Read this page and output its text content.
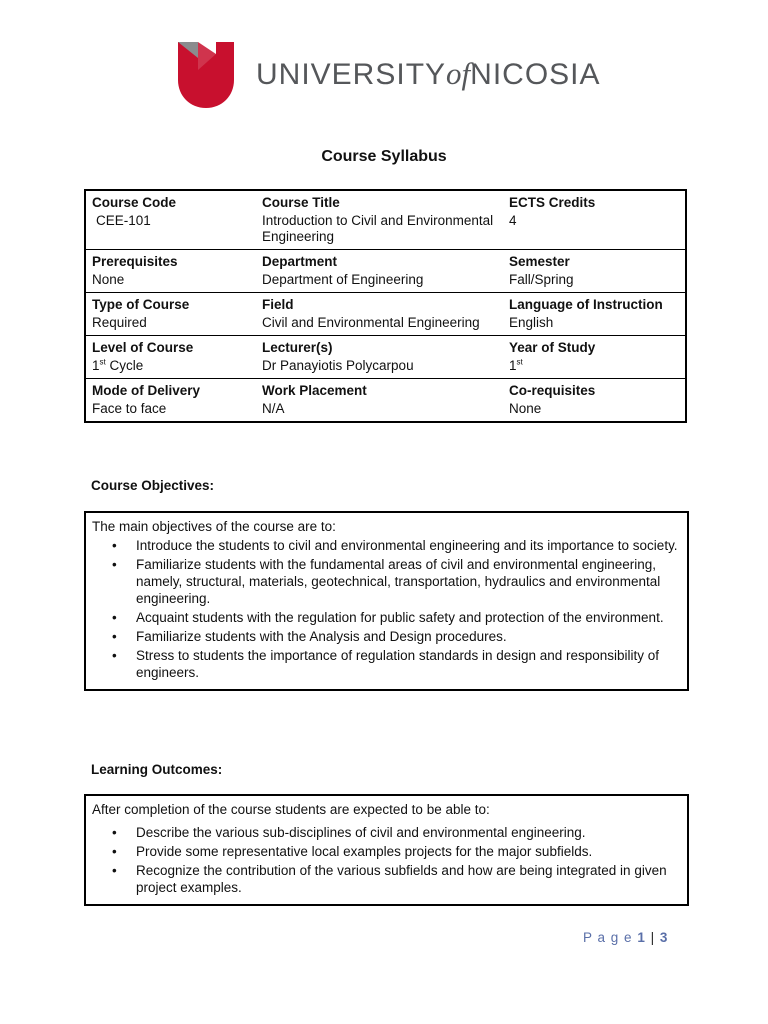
UNIVERSITYofNICOSIA
Course Syllabus
Course Code	Course Title	ECTS Credits
CEE-101	Introduction to Civil and Environmental Engineering	4
Prerequisites	Department	Semester
None	Department of Engineering	Fall/Spring
Type of Course	Field	Language of Instruction
Required	Civil and Environmental Engineering	English
Level of Course	Lecturer(s)	Year of Study
1st Cycle	Dr Panayiotis Polycarpou	1st
Mode of Delivery	Work Placement	Co-requisites
Face to face	N/A	None
Course Objectives:
The main objectives of the course are to:
• Introduce the students to civil and environmental engineering and its importance to society.
• Familiarize students with the fundamental areas of civil and environmental engineering, namely, structural, materials, geotechnical, transportation, hydraulics and environmental engineering.
• Acquaint students with the regulation for public safety and protection of the environment.
• Familiarize students with the Analysis and Design procedures.
• Stress to students the importance of regulation standards in design and responsibility of engineers.
Learning Outcomes:
After completion of the course students are expected to be able to:
• Describe the various sub-disciplines of civil and environmental engineering.
• Provide some representative local examples projects for the major subfields.
• Recognize the contribution of the various subfields and how are being integrated in given project examples.
P a g e 1 | 3
